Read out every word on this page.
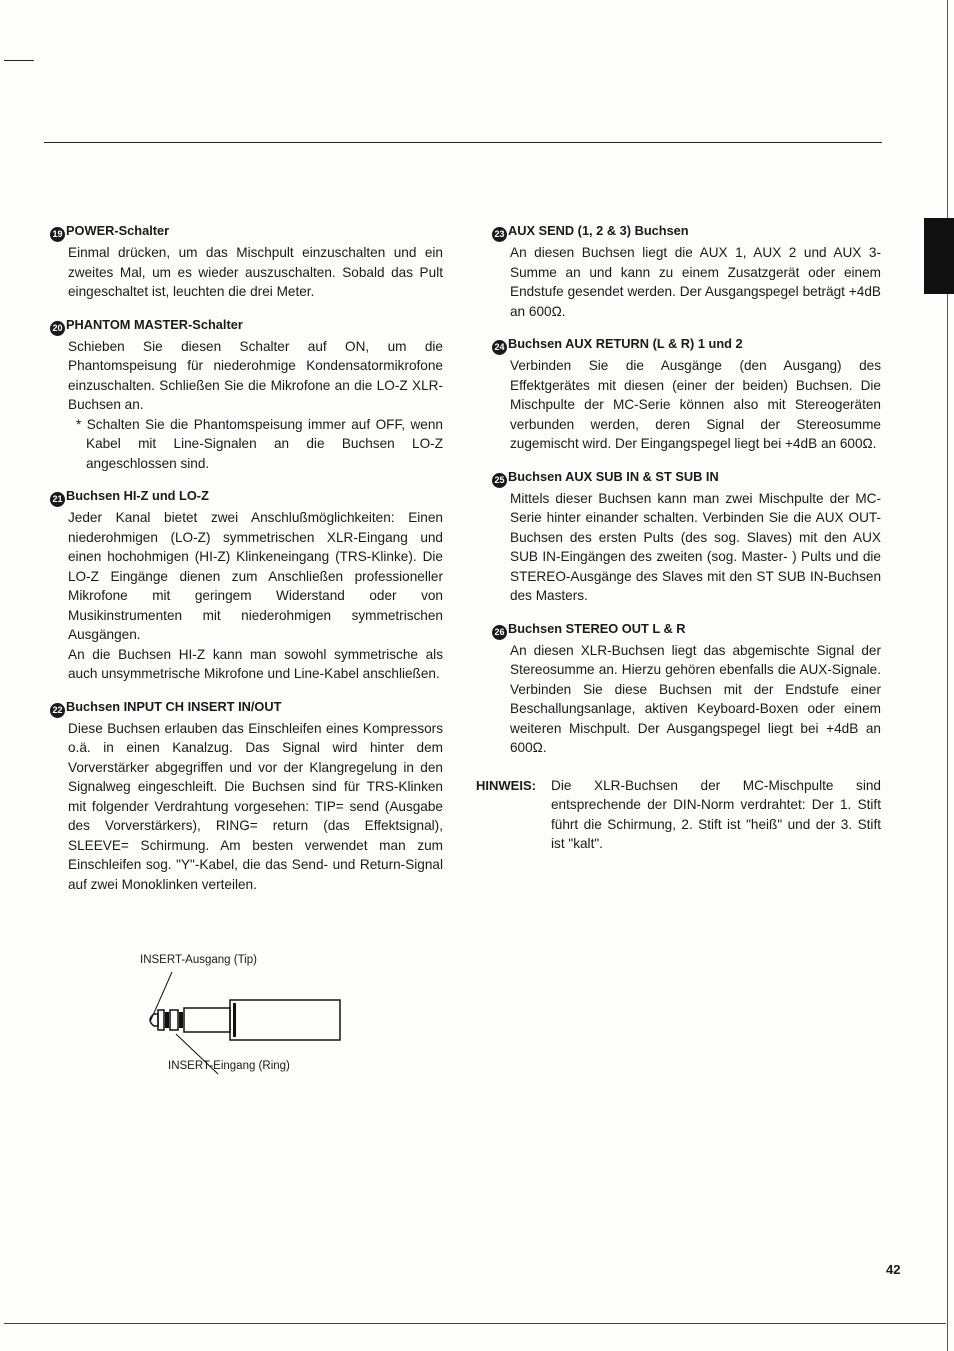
19 POWER-Schalter

Einmal drücken, um das Mischpult einzuschalten und ein zweites Mal, um es wieder auszuschalten. Sobald das Pult eingeschaltet ist, leuchten die drei Meter.

20 PHANTOM MASTER-Schalter

Schieben Sie diesen Schalter auf ON, um die Phantomspeisung für niederohmige Kondensatormikrofone einzuschalten. Schließen Sie die Mikrofone an die LO-Z XLR-Buchsen an.

* Schalten Sie die Phantomspeisung immer auf OFF, wenn Kabel mit Line-Signalen an die Buchsen LO-Z angeschlossen sind.

21 Buchsen HI-Z und LO-Z

Jeder Kanal bietet zwei Anschlußmöglichkeiten: Einen niederohmigen (LO-Z) symmetrischen XLR-Eingang und einen hochohmigen (HI-Z) Klinkeneingang (TRS-Klinke). Die LO-Z Eingänge dienen zum Anschließen professioneller Mikrofone mit geringem Widerstand oder von Musikinstrumenten mit niederohmigen symmetrischen Ausgängen.

An die Buchsen HI-Z kann man sowohl symmetrische als auch unsymmetrische Mikrofone und Line-Kabel anschließen.

22 Buchsen INPUT CH INSERT IN/OUT

Diese Buchsen erlauben das Einschleifen eines Kompressors o.ä. in einen Kanalzug. Das Signal wird hinter dem Vorverstärker abgegriffen und vor der Klangregelung in den Signalweg eingeschleift. Die Buchsen sind für TRS-Klinken mit folgender Verdrahtung vorgesehen: TIP= send (Ausgabe des Vorverstärkers), RING= return (das Effektsignal), SLEEVE= Schirmung. Am besten verwendet man zum Einschleifen sog. "Y"-Kabel, die das Send- und Return-Signal auf zwei Monoklinken verteilen.

23 AUX SEND (1, 2 & 3) Buchsen

An diesen Buchsen liegt die AUX 1, AUX 2 und AUX 3-Summe an und kann zu einem Zusatzgerät oder einem Endstufe gesendet werden. Der Ausgangspegel beträgt +4dB an 600Ω.

24 Buchsen AUX RETURN (L & R) 1 und 2

Verbinden Sie die Ausgänge (den Ausgang) des Effektgerätes mit diesen (einer der beiden) Buchsen. Die Mischpulte der MC-Serie können also mit Stereogeräten verbunden werden, deren Signal der Stereosumme zugemischt wird. Der Eingangspegel liegt bei +4dB an 600Ω.

25 Buchsen AUX SUB IN & ST SUB IN

Mittels dieser Buchsen kann man zwei Mischpulte der MC-Serie hinter einander schalten. Verbinden Sie die AUX OUT-Buchsen des ersten Pults (des sog. Slaves) mit den AUX SUB IN-Eingängen des zweiten (sog. Master- ) Pults und die STEREO-Ausgänge des Slaves mit den ST SUB IN-Buchsen des Masters.

26 Buchsen STEREO OUT L & R

An diesen XLR-Buchsen liegt das abgemischte Signal der Stereosumme an. Hierzu gehören ebenfalls die AUX-Signale. Verbinden Sie diese Buchsen mit der Endstufe einer Beschallungsanlage, aktiven Keyboard-Boxen oder einem weiteren Mischpult. Der Ausgangspegel liegt bei +4dB an 600Ω.

HINWEIS:	Die XLR-Buchsen der MC-Mischpulte sind entsprechende der DIN-Norm verdrahtet: Der 1. Stift führt die Schirmung, 2. Stift ist "heiß" und der 3. Stift ist "kalt".
INSERT-Ausgang (Tip)
INSERT-Eingang (Ring)
42
